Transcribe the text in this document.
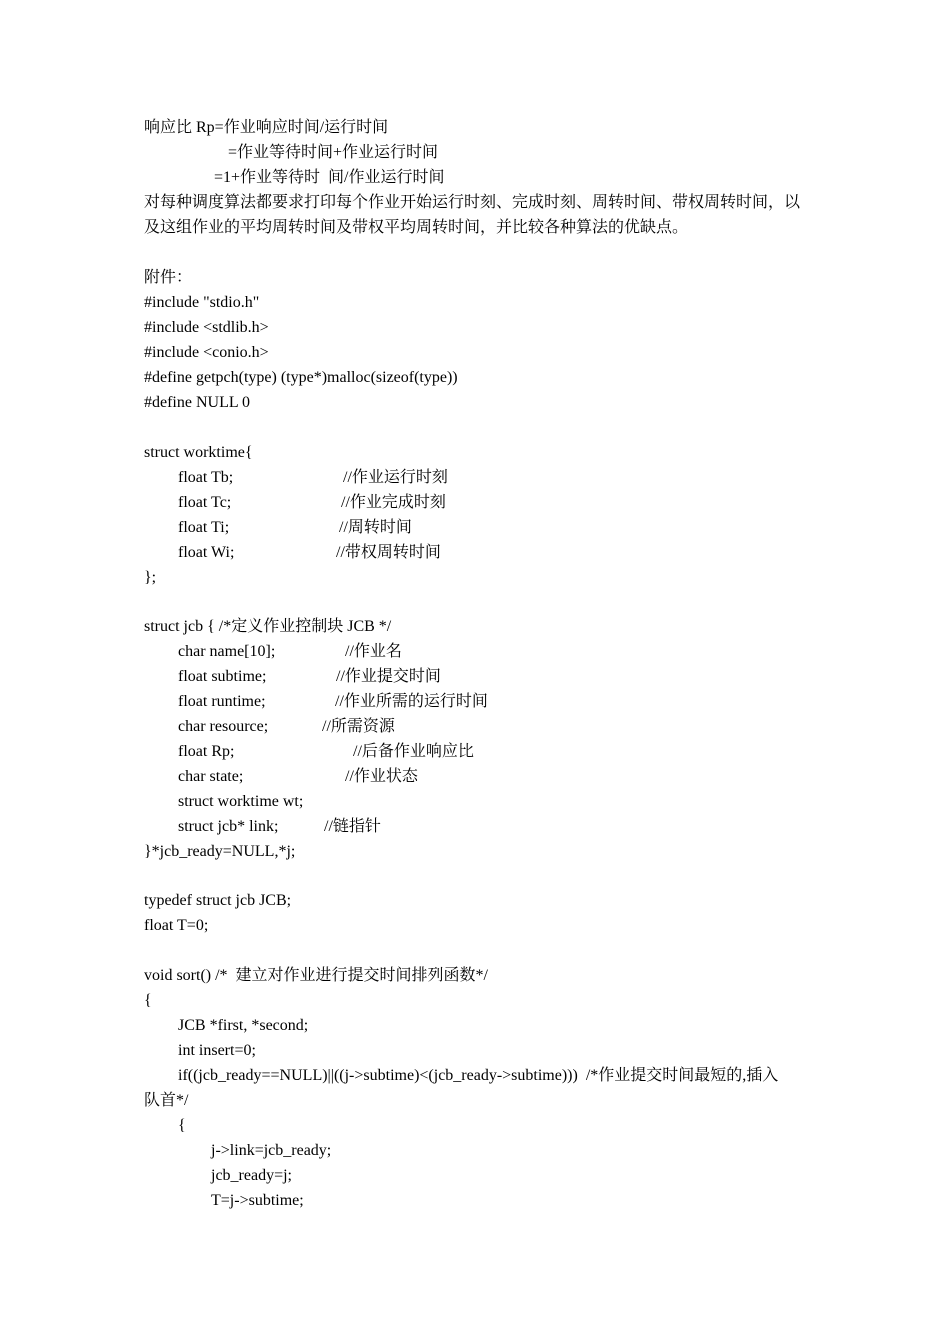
响应比 Rp=作业响应时间/运行时间
=作业等待时间+作业运行时间
=1+作业等待时  间/作业运行时间
对每种调度算法都要求打印每个作业开始运行时刻、完成时刻、周转时间、带权周转时间，以及这组作业的平均周转时间及带权平均周转时间，并比较各种算法的优缺点。
附件：
#include "stdio.h"
#include <stdlib.h>
#include <conio.h>
#define getpch(type) (type*)malloc(sizeof(type))
#define NULL 0
struct worktime{
float Tb;	//作业运行时刻
float Tc;	//作业完成时刻
float Ti;	//周转时间
float Wi;	//带权周转时间
};
struct jcb { /*定义作业控制块 JCB */
char name[10];	//作业名
float subtime;	//作业提交时间
float runtime;	//作业所需的运行时间
char resource;	//所需资源
float Rp;	//后备作业响应比
char state;	//作业状态
struct worktime wt;
struct jcb* link;	//链指针
}*jcb_ready=NULL,*j;
typedef struct jcb JCB;
float T=0;
void sort() /*  建立对作业进行提交时间排列函数*/
{
JCB *first, *second;
int insert=0;
if((jcb_ready==NULL)||((j->subtime)<(jcb_ready->subtime)))  /*作业提交时间最短的,插入
队首*/
{
j->link=jcb_ready;
jcb_ready=j;
T=j->subtime;
